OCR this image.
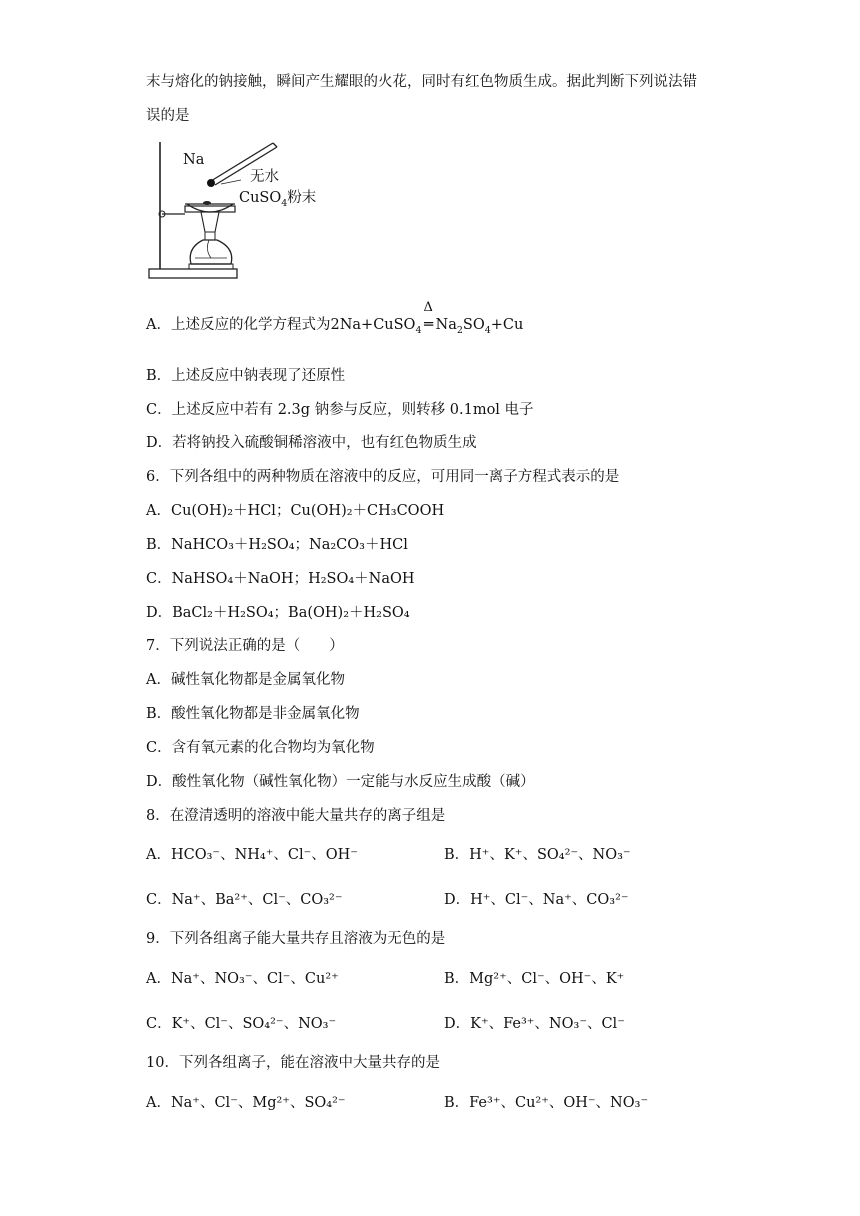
末与熔化的钠接触，瞬间产生耀眼的火花，同时有红色物质生成。据此判断下列说法错
误的是
Na
无水
CuSO$_4$粉末
A．上述反应的化学方程式为2Na+CuSO$_4$
Δ
═ $Na_2SO_4+Cu$
B．上述反应中钠表现了还原性
C．上述反应中若有 2.3g 钠参与反应，则转移 0.1mol 电子
D．若将钠投入硫酸铜稀溶液中，也有红色物质生成
6．下列各组中的两种物质在溶液中的反应，可用同一离子方程式表示的是
A．Cu(OH)₂＋HCl；Cu(OH)₂＋CH₃COOH
B．NaHCO₃＋H₂SO₄；Na₂CO₃＋HCl
C．NaHSO₄＋NaOH；H₂SO₄＋NaOH
D．BaCl₂＋H₂SO₄；Ba(OH)₂＋H₂SO₄
7．下列说法正确的是（　　）
A．碱性氧化物都是金属氧化物
B．酸性氧化物都是非金属氧化物
C．含有氧元素的化合物均为氧化物
D．酸性氧化物（碱性氧化物）一定能与水反应生成酸（碱）
8．在澄清透明的溶液中能大量共存的离子组是
A．HCO₃⁻、NH₄⁺、Cl⁻、OH⁻	B．H⁺、K⁺、SO₄²⁻、NO₃⁻
C．Na⁺、Ba²⁺、Cl⁻、CO₃²⁻	D．H⁺、Cl⁻、Na⁺、CO₃²⁻
9．下列各组离子能大量共存且溶液为无色的是
A．Na⁺、NO₃⁻、Cl⁻、Cu²⁺	B．Mg²⁺、Cl⁻、OH⁻、K⁺
C．K⁺、Cl⁻、SO₄²⁻、NO₃⁻	D．K⁺、Fe³⁺、NO₃⁻、Cl⁻
10．下列各组离子，能在溶液中大量共存的是
A．Na⁺、Cl⁻、Mg²⁺、SO₄²⁻	B．Fe³⁺、Cu²⁺、OH⁻、NO₃⁻
